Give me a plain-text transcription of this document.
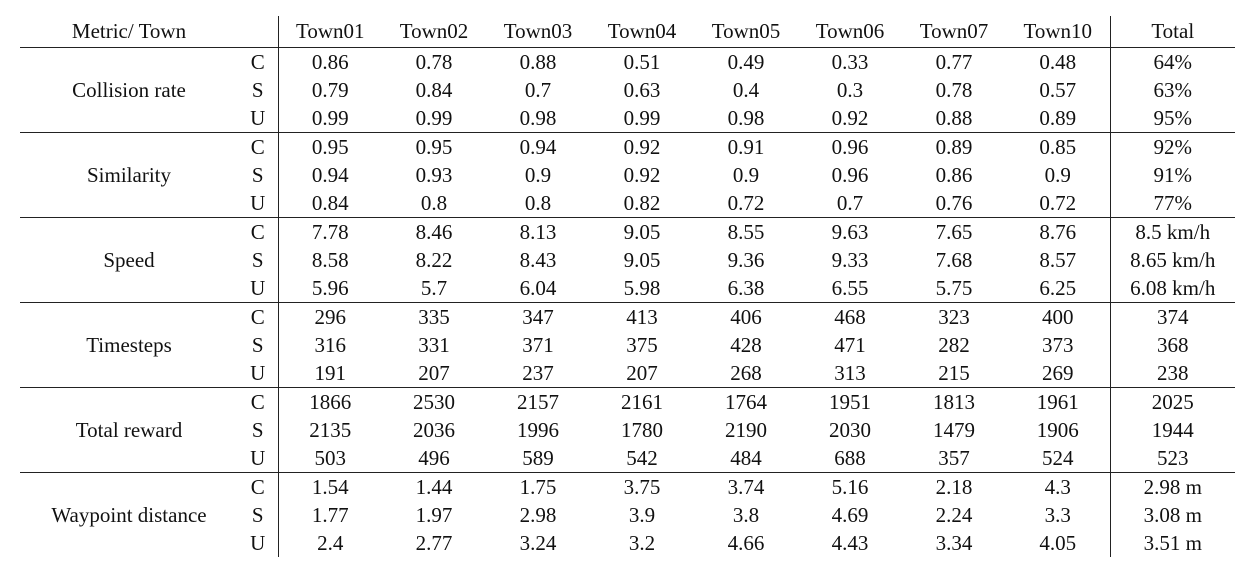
Metric/ Town		Town01	Town02	Town03	Town04	Town05	Town06	Town07	Town10	Total
Collision rate	C	0.86	0.78	0.88	0.51	0.49	0.33	0.77	0.48	64%
	S	0.79	0.84	0.7	0.63	0.4	0.3	0.78	0.57	63%
	U	0.99	0.99	0.98	0.99	0.98	0.92	0.88	0.89	95%
Similarity	C	0.95	0.95	0.94	0.92	0.91	0.96	0.89	0.85	92%
	S	0.94	0.93	0.9	0.92	0.9	0.96	0.86	0.9	91%
	U	0.84	0.8	0.8	0.82	0.72	0.7	0.76	0.72	77%
Speed	C	7.78	8.46	8.13	9.05	8.55	9.63	7.65	8.76	8.5 km/h
	S	8.58	8.22	8.43	9.05	9.36	9.33	7.68	8.57	8.65 km/h
	U	5.96	5.7	6.04	5.98	6.38	6.55	5.75	6.25	6.08 km/h
Timesteps	C	296	335	347	413	406	468	323	400	374
	S	316	331	371	375	428	471	282	373	368
	U	191	207	237	207	268	313	215	269	238
Total reward	C	1866	2530	2157	2161	1764	1951	1813	1961	2025
	S	2135	2036	1996	1780	2190	2030	1479	1906	1944
	U	503	496	589	542	484	688	357	524	523
Waypoint distance	C	1.54	1.44	1.75	3.75	3.74	5.16	2.18	4.3	2.98 m
	S	1.77	1.97	2.98	3.9	3.8	4.69	2.24	3.3	3.08 m
	U	2.4	2.77	3.24	3.2	4.66	4.43	3.34	4.05	3.51 m
